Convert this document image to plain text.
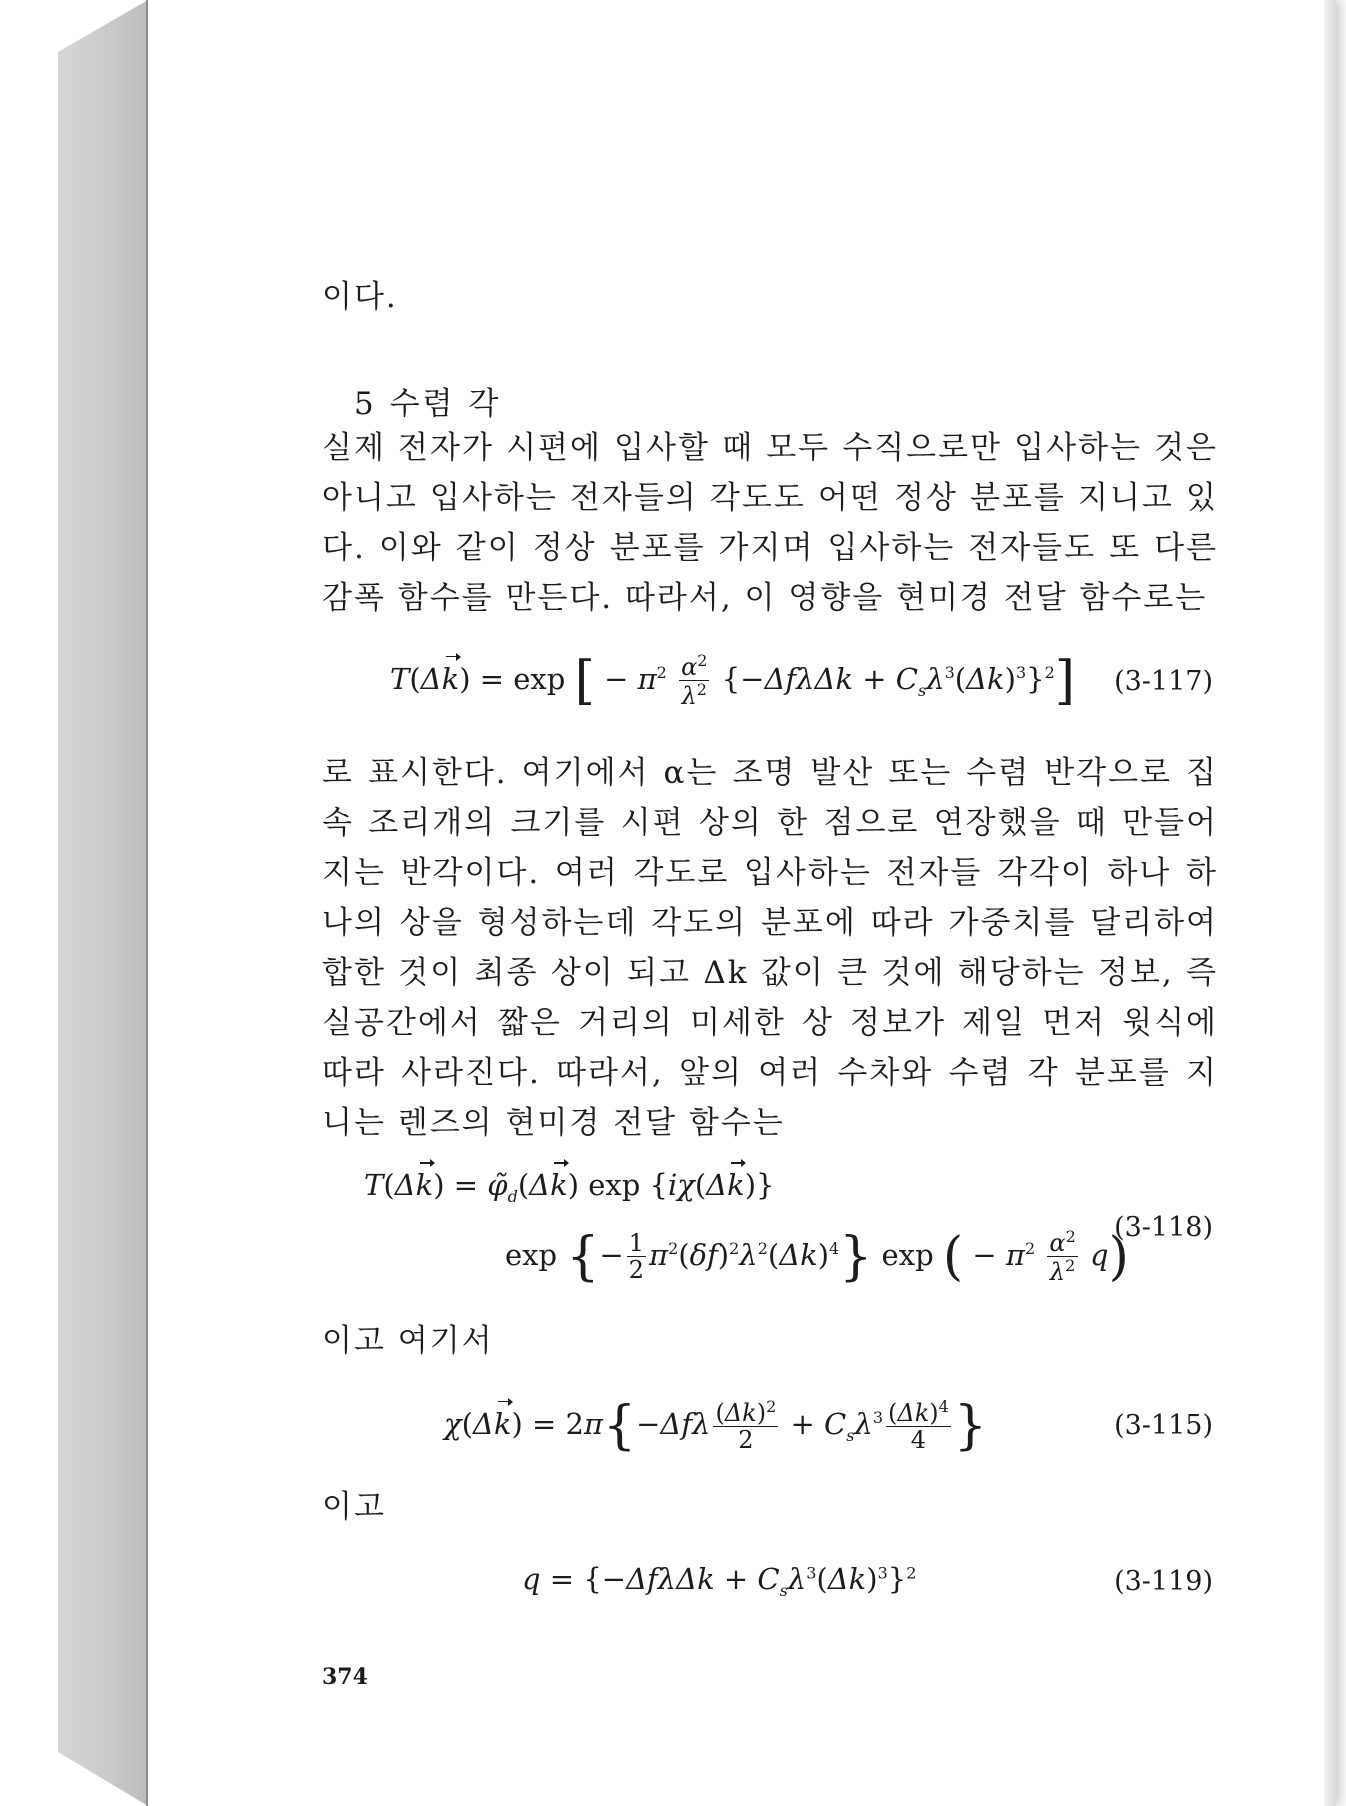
이다.

5 수렴 각

실제 전자가 시편에 입사할 때 모두 수직으로만 입사하는 것은 아니고 입사하는 전자들의 각도도 어떤 정상 분포를 지니고 있다. 이와 같이 정상 분포를 가지며 입사하는 전자들도 또 다른 감폭 함수를 만든다. 따라서, 이 영향을 현미경 전달 함수로는

T(Δk) = exp [ − $\pi^2 \frac{\alpha^2}{\lambda^2} \{-\Delta f\lambda\Delta k + C_s\lambda^3(\Delta k)^3\}^2$] (3-117)

로 표시한다. 여기에서 α는 조명 발산 또는 수렴 반각으로 집속 조리개의 크기를 시편 상의 한 점으로 연장했을 때 만들어지는 반각이다. 여러 각도로 입사하는 전자들 각각이 하나 하나의 상을 형성하는데 각도의 분포에 따라 가중치를 달리하여 합한 것이 최종 상이 되고 Δk 값이 큰 것에 해당하는 정보, 즉 실공간에서 짧은 거리의 미세한 상 정보가 제일 먼저 윗식에 따라 사라진다. 따라서, 앞의 여러 수차와 수렴 각 분포를 지니는 렌즈의 현미경 전달 함수는

$T(\Delta k) = \varphĩ_d(\Delta k)$ exp {iχ(Δk)}
exp {− $\frac{1}{2} \pi^2(\delta f)^2\lambda^2(\Delta k)^4$} exp ( − $\pi^2 \frac{\alpha^2}{\lambda^2} q$)
(3-118)

이고 여기서

$\chi(\Delta k) = 2\pi\{-\Delta f\lambda \frac{(\Delta k)^2}{2} + C_s\lambda^3 \frac{(\Delta k)^4}{4}$ }	(3-115)

이고

$q = \{-\Delta f\lambda\Delta k + C_s\lambda^3(\Delta k)^3\}^2$	(3-119)
374
